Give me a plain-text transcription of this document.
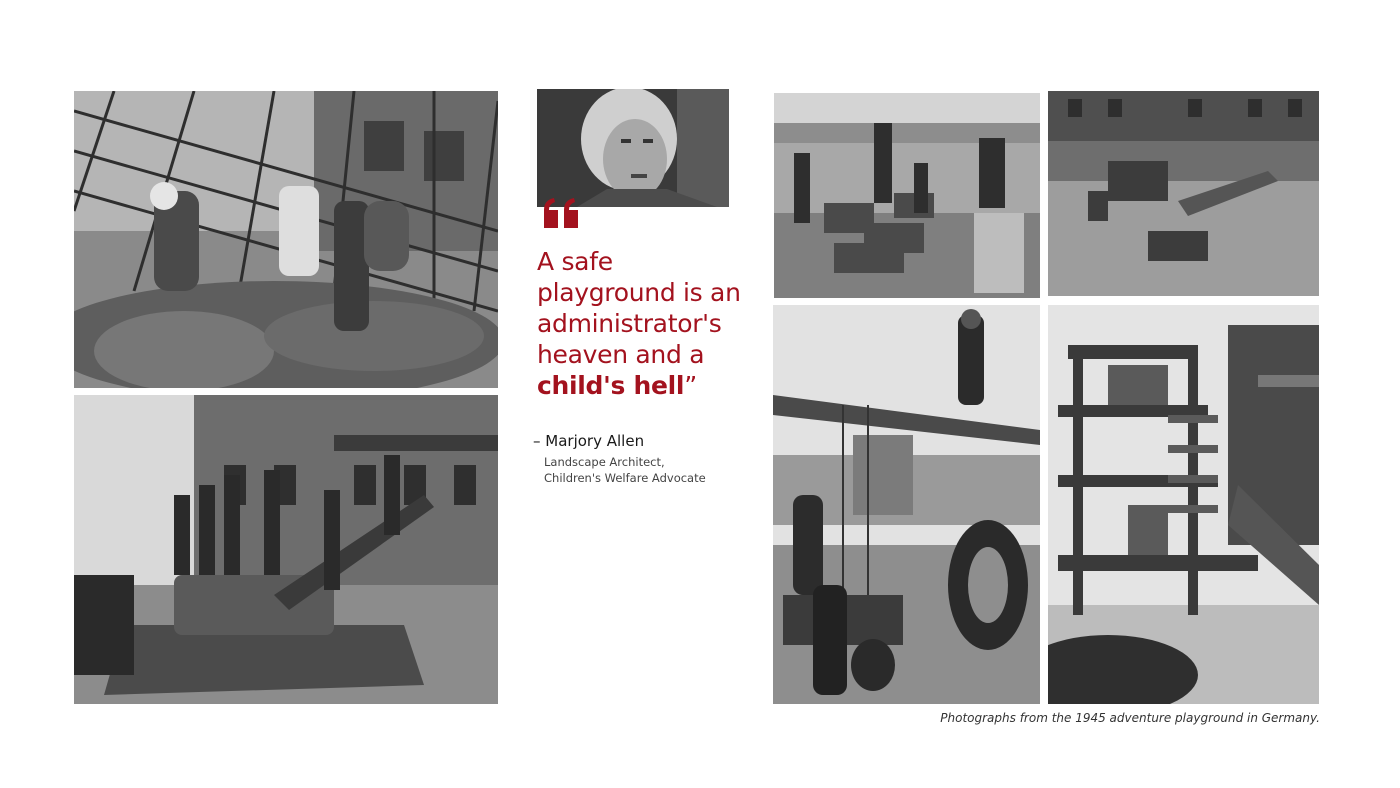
A safe
playground is an
administrator's
heaven and a
child's hell”
– Marjory Allen
Landscape Architect,
Children's Welfare Advocate
Photographs from the 1945 adventure playground in Germany.
